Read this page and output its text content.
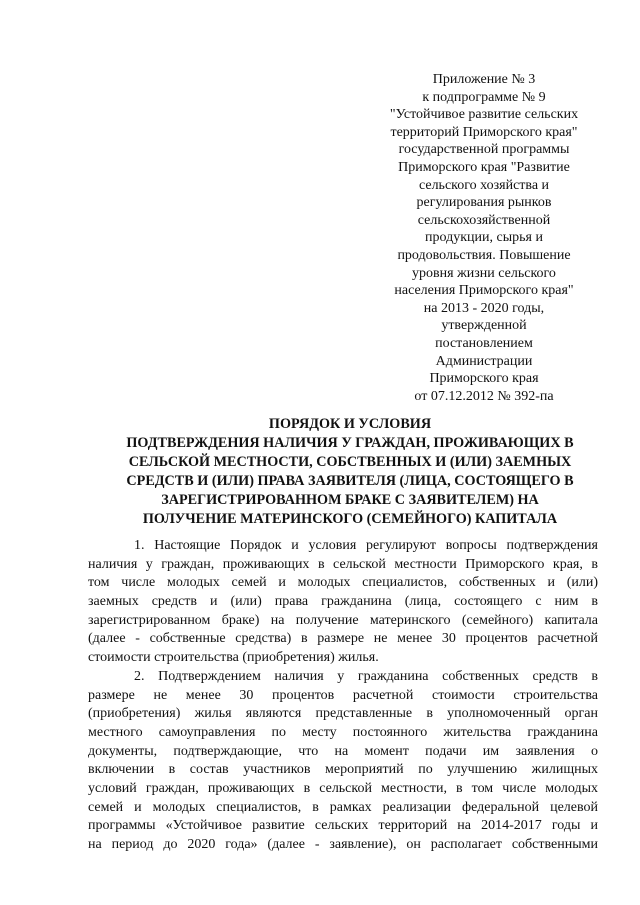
Приложение № 3
к подпрограмме № 9
"Устойчивое развитие сельских
территорий Приморского края"
государственной программы
Приморского края "Развитие
сельского хозяйства и
регулирования рынков
сельскохозяйственной
продукции, сырья и
продовольствия. Повышение
уровня жизни сельского
населения Приморского края"
на 2013 - 2020 годы,
утвержденной
постановлением
Администрации
Приморского края
от 07.12.2012 № 392-па
ПОРЯДОК И УСЛОВИЯ
ПОДТВЕРЖДЕНИЯ НАЛИЧИЯ У ГРАЖДАН, ПРОЖИВАЮЩИХ В
СЕЛЬСКОЙ МЕСТНОСТИ, СОБСТВЕННЫХ И (ИЛИ) ЗАЕМНЫХ
СРЕДСТВ И (ИЛИ) ПРАВА ЗАЯВИТЕЛЯ (ЛИЦА, СОСТОЯЩЕГО В
ЗАРЕГИСТРИРОВАННОМ БРАКЕ С ЗАЯВИТЕЛЕМ) НА
ПОЛУЧЕНИЕ МАТЕРИНСКОГО (СЕМЕЙНОГО) КАПИТАЛА
1. Настоящие Порядок и условия регулируют вопросы подтверждения
наличия у граждан, проживающих в сельской местности Приморского края, в
том числе молодых семей и молодых специалистов, собственных и (или)
заемных средств и (или) права гражданина (лица, состоящего с ним в
зарегистрированном браке) на получение материнского (семейного) капитала
(далее - собственные средства) в размере не менее 30 процентов расчетной
стоимости строительства (приобретения) жилья.
2. Подтверждением наличия у гражданина собственных средств в
размере не менее 30 процентов расчетной стоимости строительства
(приобретения) жилья являются представленные в уполномоченный орган
местного самоуправления по месту постоянного жительства гражданина
документы, подтверждающие, что на момент подачи им заявления о
включении в состав участников мероприятий по улучшению жилищных
условий граждан, проживающих в сельской местности, в том числе молодых
семей и молодых специалистов, в рамках реализации федеральной целевой
программы «Устойчивое развитие сельских территорий на 2014-2017 годы и
на период до 2020 года» (далее - заявление), он располагает собственными
